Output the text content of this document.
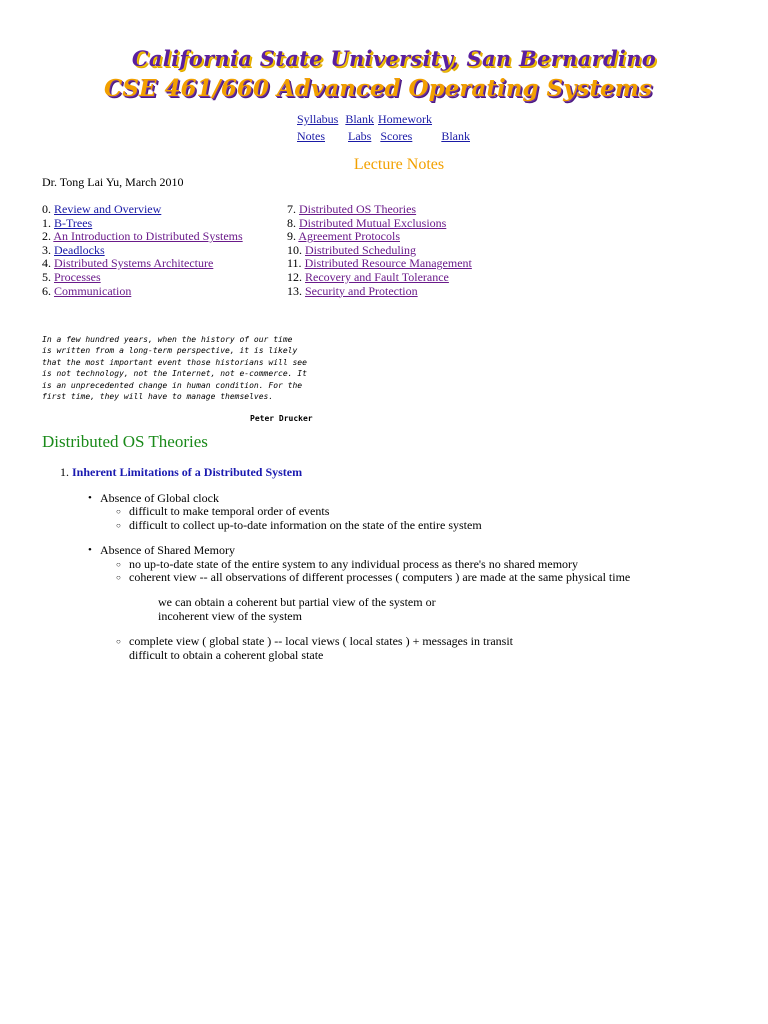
California State University, San Bernardino
CSE 461/660 Advanced Operating Systems
Syllabus Blank Homework
Notes Labs Scores Blank
Lecture Notes
Dr. Tong Lai Yu, March 2010
0. Review and Overview
1. B-Trees
2. An Introduction to Distributed Systems
3. Deadlocks
4. Distributed Systems Architecture
5. Processes
6. Communication
7. Distributed OS Theories
8. Distributed Mutual Exclusions
9. Agreement Protocols
10. Distributed Scheduling
11. Distributed Resource Management
12. Recovery and Fault Tolerance
13. Security and Protection
In a few hundred years, when the history of our time
is written from a long-term perspective, it is likely
that the most important event those historians will see
is not technology, not the Internet, not e-commerce. It
is an unprecedented change in human condition. For the
first time, they will have to manage themselves.
Peter Drucker
Distributed OS Theories
1. Inherent Limitations of a Distributed System
• Absence of Global clock
○ difficult to make temporal order of events
○ difficult to collect up-to-date information on the state of the entire system
• Absence of Shared Memory
○ no up-to-date state of the entire system to any individual process as there's no shared memory
○ coherent view -- all observations of different processes ( computers ) are made at the same physical time
we can obtain a coherent but partial view of the system or
incoherent view of the system
○ complete view ( global state ) -- local views ( local states ) + messages in transit
difficult to obtain a coherent global state
